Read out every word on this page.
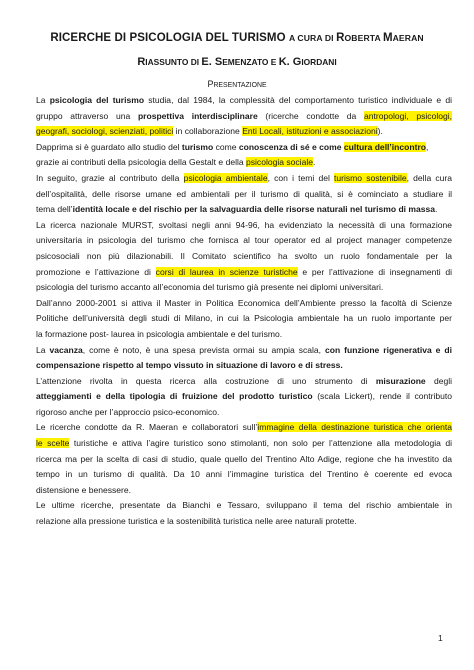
RICERCHE DI PSICOLOGIA DEL TURISMO A CURA DI ROBERTA MAERAN
RIASSUNTO DI E. SEMENZATO E K. GIORDANI
PRESENTAZIONE
La psicologia del turismo studia, dal 1984, la complessità del comportamento turistico individuale e di
gruppo attraverso una prospettiva interdisciplinare (ricerche condotte da antropologi, psicologi,
geografi, sociologi, scienziati, politici in collaborazione Enti Locali, istituzioni e associazioni).
Dapprima si è guardato allo studio del turismo come conoscenza di sé e come cultura dell’incontro,
grazie ai contributi della psicologia della Gestalt e della psicologia sociale.
In seguito, grazie al contributo della psicologia ambientale, con i temi del turismo sostenibile, della cura
dell’ospitalità, delle risorse umane ed ambientali per il turismo di qualità, si è cominciato a studiare il
tema dell’identità locale e del rischio per la salvaguardia delle risorse naturali nel turismo di massa.
La ricerca nazionale MURST, svoltasi negli anni 94-96, ha evidenziato la necessità di una formazione
universitaria in psicologia del turismo che fornisca al tour operator ed al project manager competenze
psicosociali non più dilazionabili. Il Comitato scientifico ha svolto un ruolo fondamentale per la
promozione e l’attivazione di corsi di laurea in scienze turistiche e per l’attivazione di insegnamenti di
psicologia del turismo accanto all’economia del turismo già presente nei diplomi universitari.
Dall’anno 2000-2001 si attiva il Master in Politica Economica dell’Ambiente presso la facoltà di Scienze
Politiche dell’università degli studi di Milano, in cui la Psicologia ambientale ha un ruolo importante per
la formazione post- laurea in psicologia ambientale e del turismo.
La vacanza, come è noto, è una spesa prevista ormai su ampia scala, con funzione rigenerativa e di
compensazione rispetto al tempo vissuto in situazione di lavoro e di stress.
L’attenzione rivolta in questa ricerca alla costruzione di uno strumento di misurazione degli
atteggiamenti e della tipologia di fruizione del prodotto turistico (scala Lickert), rende il contributo
rigoroso anche per l’approccio psico-economico.
Le ricerche condotte da R. Maeran e collaboratori sull’immagine della destinazione turistica che orienta
le scelte turistiche e attiva l’agire turistico sono stimolanti, non solo per l’attenzione alla metodologia di
ricerca ma per la scelta di casi di studio, quale quello del Trentino Alto Adige, regione che ha investito da
tempo in un turismo di qualità. Da 10 anni l’immagine turistica del Trentino è coerente ed evoca
distensione e benessere.
Le ultime ricerche, presentate da Bianchi e Tessaro, sviluppano il tema del rischio ambientale in
relazione alla pressione turistica e la sostenibilità turistica nelle aree naturali protette.
1
